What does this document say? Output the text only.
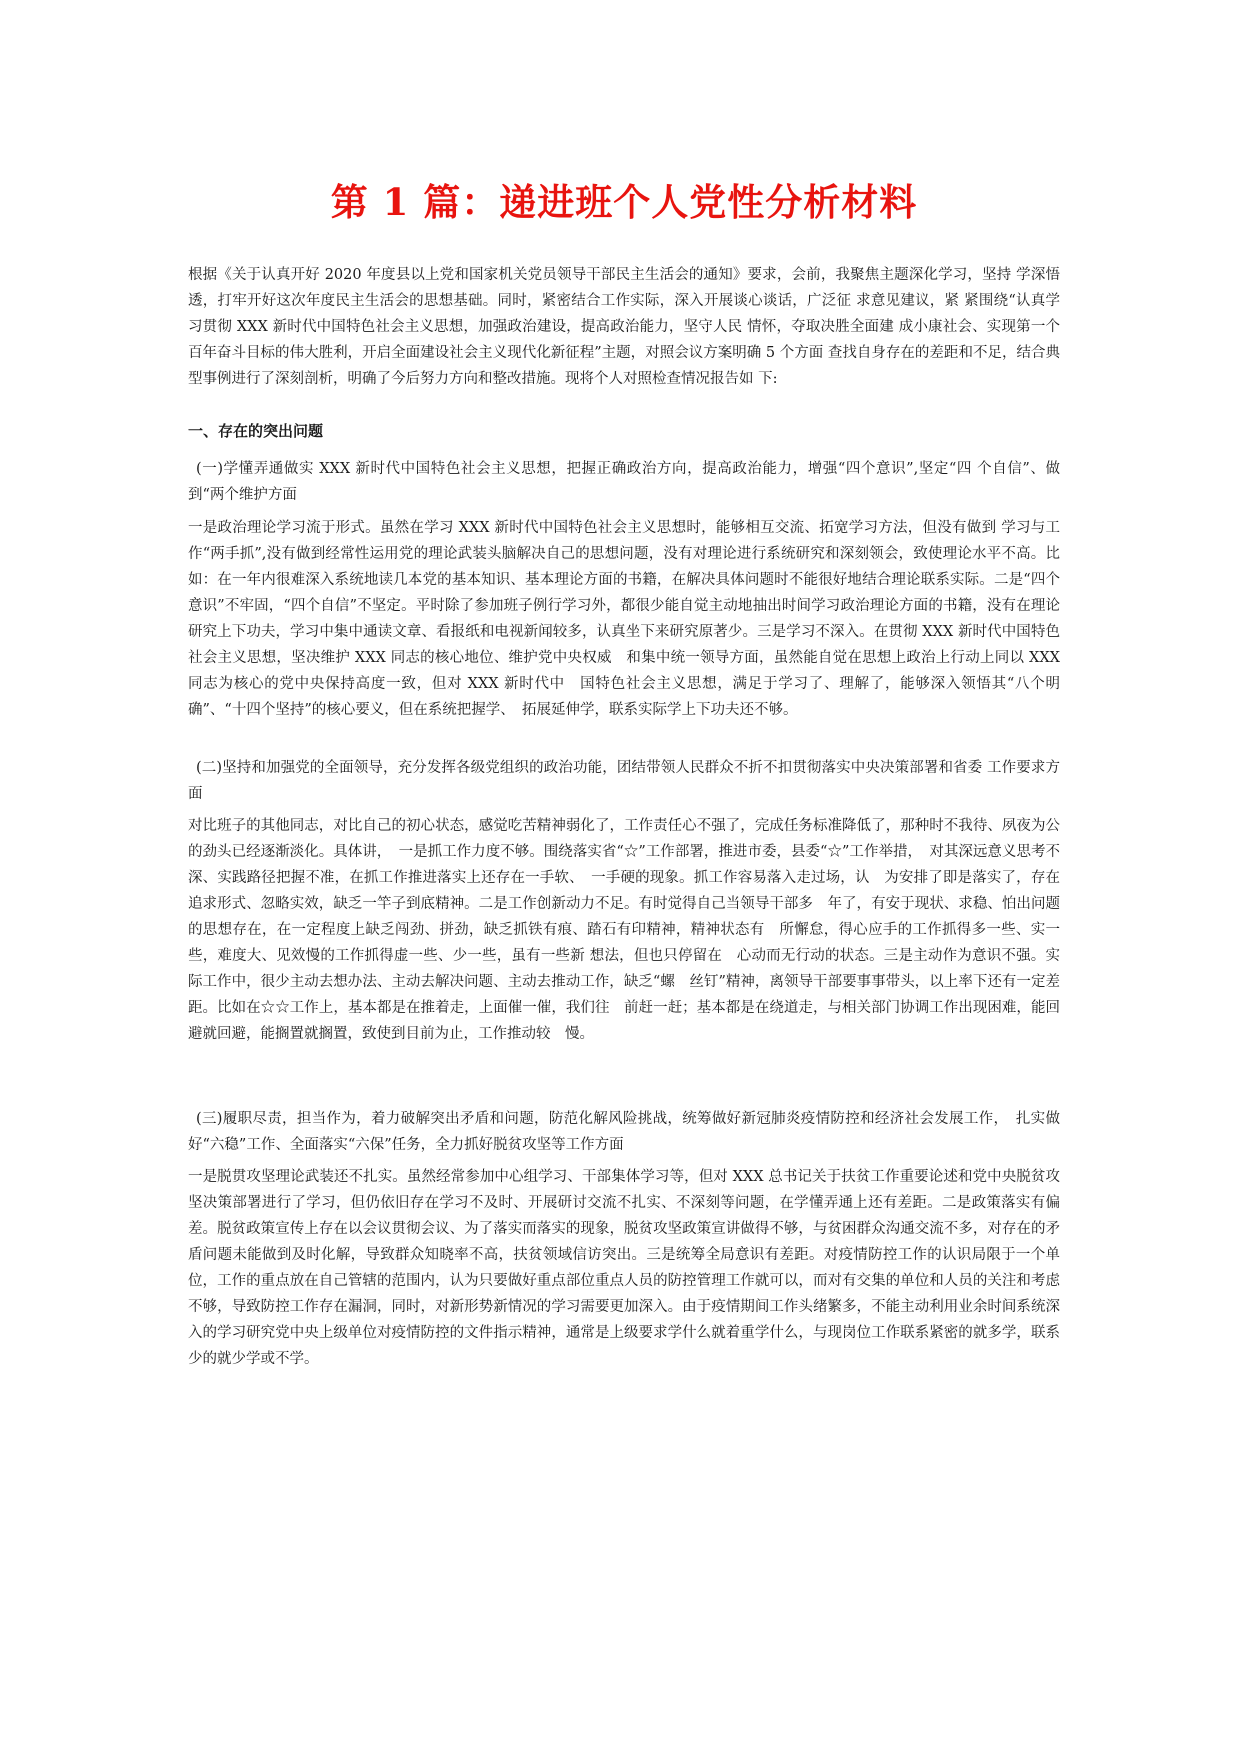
第 1 篇：递进班个人党性分析材料

根据《关于认真开好 2020 年度县以上党和国家机关党员领导干部民主生活会的通知》要求，会前，我聚焦主题深化学习，坚持 学深悟透，打牢开好这次年度民主生活会的思想基础。同时，紧密结合工作实际，深入开展谈心谈话，广泛征 求意见建议，紧 紧围绕“认真学习贯彻 XXX 新时代中国特色社会主义思想，加强政治建设，提高政治能力，坚守人民 情怀，夺取决胜全面建 成小康社会、实现第一个百年奋斗目标的伟大胜利，开启全面建设社会主义现代化新征程”主题，对照会议方案明确 5 个方面 查找自身存在的差距和不足，结合典型事例进行了深刻剖析，明确了今后努力方向和整改措施。现将个人对照检查情况报告如 下:

一、存在的突出问题

(一)学懂弄通做实 XXX 新时代中国特色社会主义思想，把握正确政治方向，提高政治能力，增强“四个意识”,坚定“四 个自信”、做到“两个维护方面

一是政治理论学习流于形式。虽然在学习 XXX 新时代中国特色社会主义思想时，能够相互交流、拓宽学习方法，但没有做到 学习与工作“两手抓”,没有做到经常性运用党的理论武装头脑解决自己的思想问题，没有对理论进行系统研究和深刻领会，致使理论水平不高。比如：在一年内很难深入系统地读几本党的基本知识、基本理论方面的书籍，在解决具体问题时不能很好地结合理论联系实际。二是“四个意识”不牢固，“四个自信”不坚定。平时除了参加班子例行学习外，都很少能自觉主动地抽出时间学习政治理论方面的书籍，没有在理论研究上下功夫，学习中集中通读文章、看报纸和电视新闻较多，认真坐下来研究原著少。三是学习不深入。在贯彻 XXX 新时代中国特色社会主义思想，坚决维护 XXX 同志的核心地位、维护党中央权威　和集中统一领导方面，虽然能自觉在思想上政治上行动上同以 XXX 同志为核心的党中央保持高度一致，但对 XXX 新时代中　国特色社会主义思想，满足于学习了、理解了，能够深入领悟其“八个明确”、“十四个坚持”的核心要义，但在系统把握学、　拓展延伸学，联系实际学上下功夫还不够。

(二)坚持和加强党的全面领导，充分发挥各级党组织的政治功能，团结带领人民群众不折不扣贯彻落实中央决策部署和省委 工作要求方面

对比班子的其他同志，对比自己的初心状态，感觉吃苦精神弱化了，工作责任心不强了，完成任务标准降低了，那种时不我待、夙夜为公的劲头已经逐渐淡化。具体讲，　一是抓工作力度不够。围绕落实省“☆”工作部署，推进市委，县委“☆”工作举措，　对其深远意义思考不深、实践路径把握不准，在抓工作推进落实上还存在一手软、　一手硬的现象。抓工作容易落入走过场，认　为安排了即是落实了，存在追求形式、忽略实效，缺乏一竿子到底精神。二是工作创新动力不足。有时觉得自己当领导干部多　年了，有安于现状、求稳、怕出问题的思想存在，在一定程度上缺乏闯劲、拼劲，缺乏抓铁有痕、踏石有印精神，精神状态有　所懈怠，得心应手的工作抓得多一些、实一些，难度大、见效慢的工作抓得虚一些、少一些，虽有一些新 想法，但也只停留在　心动而无行动的状态。三是主动作为意识不强。实际工作中，很少主动去想办法、主动去解决问题、主动去推动工作，缺乏“螺　丝钉”精神，离领导干部要事事带头，以上率下还有一定差距。比如在☆☆工作上，基本都是在推着走，上面催一催，我们往　前赶一赶；基本都是在绕道走，与相关部门协调工作出现困难，能回避就回避，能搁置就搁置，致使到目前为止，工作推动较　慢。

(三)履职尽责，担当作为，着力破解突出矛盾和问题，防范化解风险挑战，统筹做好新冠肺炎疫情防控和经济社会发展工作，　扎实做好“六稳”工作、全面落实“六保”任务，全力抓好脱贫攻坚等工作方面

一是脱贯攻坚理论武装还不扎实。虽然经常参加中心组学习、干部集体学习等，但对 XXX 总书记关于扶贫工作重要论述和党中央脱贫攻坚决策部署进行了学习，但仍依旧存在学习不及时、开展研讨交流不扎实、不深刻等问题，在学懂弄通上还有差距。二是政策落实有偏差。脱贫政策宣传上存在以会议贯彻会议、为了落实而落实的现象，脱贫攻坚政策宣讲做得不够，与贫困群众沟通交流不多，对存在的矛盾问题未能做到及时化解，导致群众知晓率不高，扶贫领域信访突出。三是统筹全局意识有差距。对疫情防控工作的认识局限于一个单位，工作的重点放在自己管辖的范围内，认为只要做好重点部位重点人员的防控管理工作就可以，而对有交集的单位和人员的关注和考虑不够，导致防控工作存在漏洞，同时，对新形势新情况的学习需要更加深入。由于疫情期间工作头绪繁多，不能主动利用业余时间系统深入的学习研究党中央上级单位对疫情防控的文件指示精神，通常是上级要求学什么就着重学什么，与现岗位工作联系紧密的就多学，联系少的就少学或不学。
